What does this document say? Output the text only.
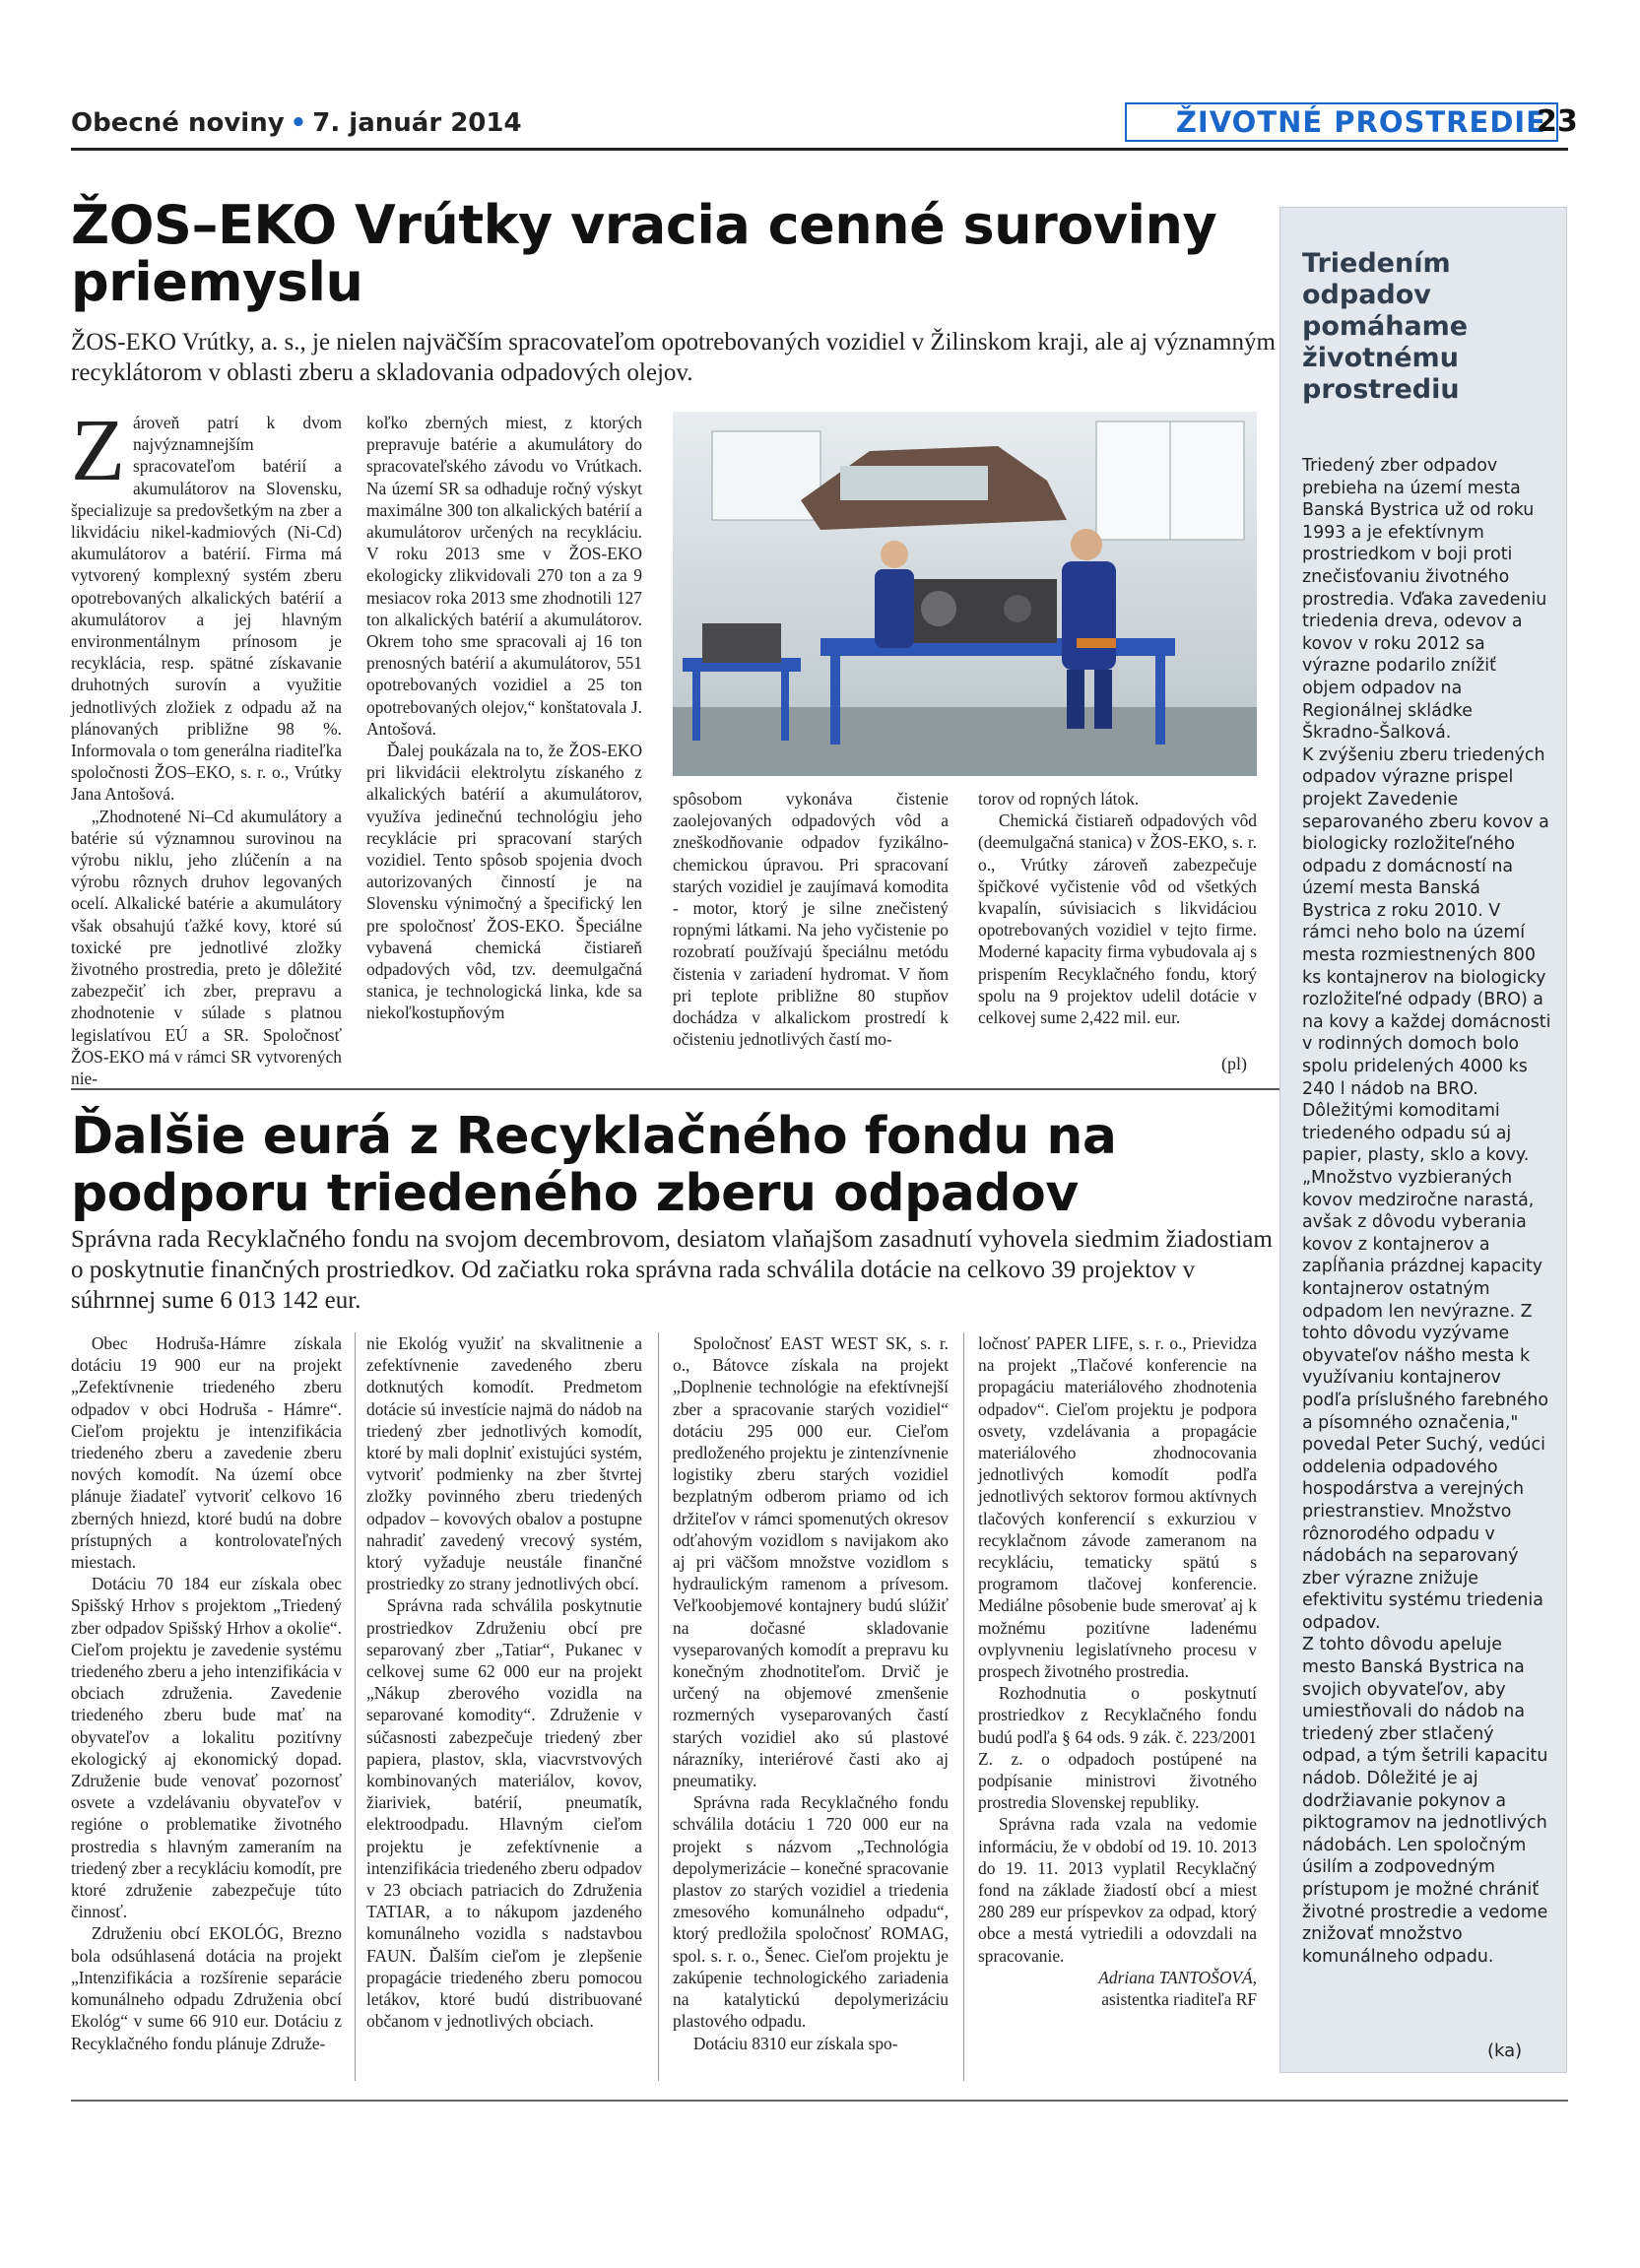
Obecné noviny • 7. január 2014	ŽIVOTNÉ PROSTREDIE
23
ŽOS–EKO Vrútky vracia cenné suroviny priemyslu
ŽOS-EKO Vrútky, a. s., je nielen najväčším spracovateľom opotrebovaných vozidiel v Žilinskom kraji, ale aj významným recyklátorom v oblasti zberu a skladovania odpadových olejov.

Zároveň patrí k dvom najvýznamnejším spracovateľom batérií a akumulátorov na Slovensku, špecializuje sa predovšetkým na zber a likvidáciu nikel-kadmiových (Ni-Cd) akumulátorov a batérií. Firma má vytvorený komplexný systém zberu opotrebovaných alkalických batérií a akumulátorov a jej hlavným environmentálnym prínosom je recyklácia, resp. spätné získavanie druhotných surovín a využitie jednotlivých zložiek z odpadu až na plánovaných približne 98 %. Informovala o tom generálna riaditeľka spoločnosti ŽOS–EKO, s. r. o., Vrútky Jana Antošová.

„Zhodnotené Ni–Cd akumulátory a batérie sú významnou surovinou na výrobu niklu, jeho zlúčenín a na výrobu rôznych druhov legovaných ocelí. Alkalické batérie a akumulátory však obsahujú ťažké kovy, ktoré sú toxické pre jednotlivé zložky životného prostredia, preto je dôležité zabezpečiť ich zber, prepravu a zhodnotenie v súlade s platnou legislatívou EÚ a SR. Spoločnosť ŽOS-EKO má v rámci SR vytvorených nie-

koľko zberných miest, z ktorých prepravuje batérie a akumulátory do spracovateľského závodu vo Vrútkach. Na území SR sa odhaduje ročný výskyt maximálne 300 ton alkalických batérií a akumulátorov určených na recykláciu. V roku 2013 sme v ŽOS-EKO ekologicky zlikvidovali 270 ton a za 9 mesiacov roka 2013 sme zhodnotili 127 ton alkalických batérií a akumulátorov. Okrem toho sme spracovali aj 16 ton prenosných batérií a akumulátorov, 551 opotrebovaných vozidiel a 25 ton opotrebovaných olejov,“ konštatovala J. Antošová.

Ďalej poukázala na to, že ŽOS-EKO pri likvidácii elektrolytu získaného z alkalických batérií a akumulátorov, využíva jedinečnú technológiu jeho recyklácie pri spracovaní starých vozidiel. Tento spôsob spojenia dvoch autorizovaných činností je na Slovensku výnimočný a špecifický len pre spoločnosť ŽOS-EKO. Špeciálne vybavená chemická čistiareň odpadových vôd, tzv. deemulgačná stanica, je technologická linka, kde sa niekoľkostupňovým

spôsobom vykonáva čistenie zaolejovaných odpadových vôd a zneškodňovanie odpadov fyzikálno-chemickou úpravou. Pri spracovaní starých vozidiel je zaujímavá komodita - motor, ktorý je silne znečistený ropnými látkami. Na jeho vyčistenie po rozobratí používajú špeciálnu metódu čistenia v zariadení hydromat. V ňom pri teplote približne 80 stupňov dochádza v alkalickom prostredí k očisteniu jednotlivých častí mo-

torov od ropných látok.

Chemická čistiareň odpadových vôd (deemulgačná stanica) v ŽOS-EKO, s. r. o., Vrútky zároveň zabezpečuje špičkové vyčistenie vôd od všetkých kvapalín, súvisiacich s likvidáciou opotrebovaných vozidiel v tejto firme. Moderné kapacity firma vybudovala aj s prispením Recyklačného fondu, ktorý spolu na 9 projektov udelil dotácie v celkovej sume 2,422 mil. eur.

(pl)
Ďalšie eurá z Recyklačného fondu na podporu triedeného zberu odpadov
Správna rada Recyklačného fondu na svojom decembrovom, desiatom vlaňajšom zasadnutí vyhovela siedmim žiadostiam o poskytnutie finančných prostriedkov. Od začiatku roka správna rada schválila dotácie na celkovo 39 projektov v súhrnnej sume 6 013 142 eur.

Obec Hodruša-Hámre získala dotáciu 19 900 eur na projekt „Zefektívnenie triedeného zberu odpadov v obci Hodruša - Hámre“. Cieľom projektu je intenzifikácia triedeného zberu a zavedenie zberu nových komodít. Na území obce plánuje žiadateľ vytvoriť celkovo 16 zberných hniezd, ktoré budú na dobre prístupných a kontrolovateľných miestach.

Dotáciu 70 184 eur získala obec Spišský Hrhov s projektom „Triedený zber odpadov Spišský Hrhov a okolie“. Cieľom projektu je zavedenie systému triedeného zberu a jeho intenzifikácia v obciach združenia. Zavedenie triedeného zberu bude mať na obyvateľov a lokalitu pozitívny ekologický aj ekonomický dopad. Združenie bude venovať pozornosť osvete a vzdelávaniu obyvateľov v regióne o problematike životného prostredia s hlavným zameraním na triedený zber a recykláciu komodít, pre ktoré združenie zabezpečuje túto činnosť.

Združeniu obcí EKOLÓG, Brezno bola odsúhlasená dotácia na projekt „Intenzifikácia a rozšírenie separácie komunálneho odpadu Združenia obcí Ekológ“ v sume 66 910 eur. Dotáciu z Recyklačného fondu plánuje Združe-

nie Ekológ využiť na skvalitnenie a zefektívnenie zavedeného zberu dotknutých komodít. Predmetom dotácie sú investície najmä do nádob na triedený zber jednotlivých komodít, ktoré by mali doplniť existujúci systém, vytvoriť podmienky na zber štvrtej zložky povinného zberu triedených odpadov – kovových obalov a postupne nahradiť zavedený vrecový systém, ktorý vyžaduje neustále finančné prostriedky zo strany jednotlivých obcí.

Správna rada schválila poskytnutie prostriedkov Združeniu obcí pre separovaný zber „Tatiar“, Pukanec v celkovej sume 62 000 eur na projekt „Nákup zberového vozidla na separované komodity“. Združenie v súčasnosti zabezpečuje triedený zber papiera, plastov, skla, viacvrstvových kombinovaných materiálov, kovov, žiariviek, batérií, pneumatík, elektroodpadu. Hlavným cieľom projektu je zefektívnenie a intenzifikácia triedeného zberu odpadov v 23 obciach patriacich do Združenia TATIAR, a to nákupom jazdeného komunálneho vozidla s nadstavbou FAUN. Ďalším cieľom je zlepšenie propagácie triedeného zberu pomocou letákov, ktoré budú distribuované občanom v jednotlivých obciach.

Spoločnosť EAST WEST SK, s. r. o., Bátovce získala na projekt „Doplnenie technológie na efektívnejší zber a spracovanie starých vozidiel“ dotáciu 295 000 eur. Cieľom predloženého projektu je zintenzívnenie logistiky zberu starých vozidiel bezplatným odberom priamo od ich držiteľov v rámci spomenutých okresov odťahovým vozidlom s navijakom ako aj pri väčšom množstve vozidlom s hydraulickým ramenom a prívesom. Veľkoobjemové kontajnery budú slúžiť na dočasné skladovanie vyseparovaných komodít a prepravu ku konečným zhodnotiteľom. Drvič je určený na objemové zmenšenie rozmerných vyseparovaných častí starých vozidiel ako sú plastové nárazníky, interiérové časti ako aj pneumatiky.

Správna rada Recyklačného fondu schválila dotáciu 1 720 000 eur na projekt s názvom „Technológia depolymerizácie – konečné spracovanie plastov zo starých vozidiel a triedenia zmesového komunálneho odpadu“, ktorý predložila spoločnosť ROMAG, spol. s. r. o., Šenec. Cieľom projektu je zakúpenie technologického zariadenia na katalytickú depolymerizáciu plastového odpadu.

Dotáciu 8310 eur získala spo-

ločnosť PAPER LIFE, s. r. o., Prievidza na projekt „Tlačové konferencie na propagáciu materiálového zhodnotenia odpadov“. Cieľom projektu je podpora osvety, vzdelávania a propagácie materiálového zhodnocovania jednotlivých komodít podľa jednotlivých sektorov formou aktívnych tlačových konferencií s exkurziou v recyklačnom závode zameranom na recykláciu, tematicky spätú s programom tlačovej konferencie. Mediálne pôsobenie bude smerovať aj k možnému pozitívne ladenému ovplyvneniu legislatívneho procesu v prospech životného prostredia.

Rozhodnutia o poskytnutí prostriedkov z Recyklačného fondu budú podľa § 64 ods. 9 zák. č. 223/2001 Z. z. o odpadoch postúpené na podpísanie ministrovi životného prostredia Slovenskej republiky.

Správna rada vzala na vedomie informáciu, že v období od 19. 10. 2013 do 19. 11. 2013 vyplatil Recyklačný fond na základe žiadostí obcí a miest 280 289 eur príspevkov za odpad, ktorý obce a mestá vytriedili a odovzdali na spracovanie.

Adriana TANTOŠOVÁ,

asistentka riaditeľa RF

Triedením odpadov pomáhame životnému prostrediu

Triedený zber odpadov prebieha na území mesta Banská Bystrica už od roku 1993 a je efektívnym prostriedkom v boji proti znečisťovaniu životného prostredia. Vďaka zavedeniu triedenia dreva, odevov a kovov v roku 2012 sa výrazne podarilo znížiť objem odpadov na Regionálnej skládke Škradno-Šalková.

K zvýšeniu zberu triedených odpadov výrazne prispel projekt Zavedenie separovaného zberu kovov a biologicky rozložiteľného odpadu z domácností na území mesta Banská Bystrica z roku 2010. V rámci neho bolo na území mesta rozmiestnených 800 ks kontajnerov na biologicky rozložiteľné odpady (BRO) a na kovy a každej domácnosti v rodinných domoch bolo spolu pridelených 4000 ks 240 l nádob na BRO. Dôležitými komoditami triedeného odpadu sú aj papier, plasty, sklo a kovy. „Množstvo vyzbieraných kovov medziročne narastá, avšak z dôvodu vyberania kovov z kontajnerov a zapĺňania prázdnej kapacity kontajnerov ostatným odpadom len nevýrazne. Z tohto dôvodu vyzývame obyvateľov nášho mesta k využívaniu kontajnerov podľa príslušného farebného a písomného označenia," povedal Peter Suchý, vedúci oddelenia odpadového hospodárstva a verejných priestranstiev. Množstvo rôznorodého odpadu v nádobách na separovaný zber výrazne znižuje efektivitu systému triedenia odpadov.

Z tohto dôvodu apeluje mesto Banská Bystrica na svojich obyvateľov, aby umiestňovali do nádob na triedený zber stlačený odpad, a tým šetrili kapacitu nádob. Dôležité je aj dodržiavanie pokynov a piktogramov na jednotlivých nádobách. Len spoločným úsilím a zodpovedným prístupom je možné chrániť životné prostredie a vedome znižovať množstvo komunálneho odpadu.

(ka)
